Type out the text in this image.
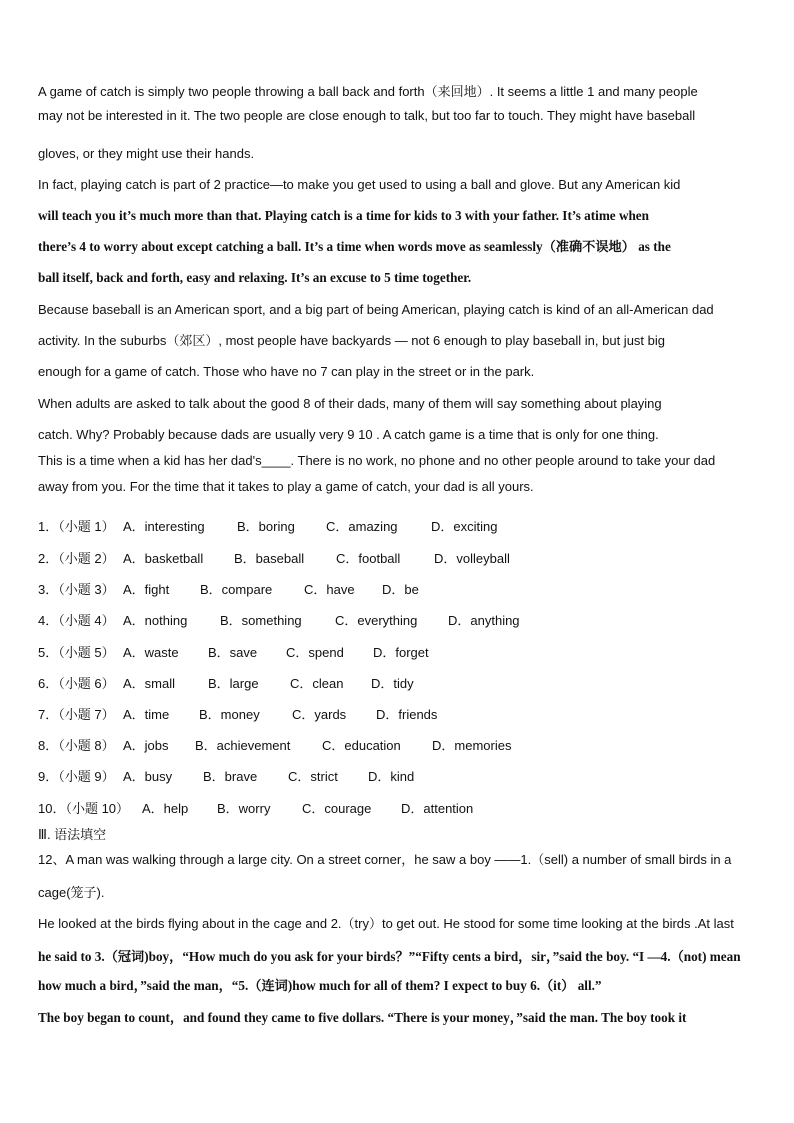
A game of catch is simply two people throwing a ball back and forth（来回地）. It seems a little 1 and many people
may not be interested in it. The two people are close enough to talk, but too far to touch. They might have baseball
gloves, or they might use their hands.
In fact, playing catch is part of 2 practice—to make you get used to using a ball and glove. But any American kid
will teach you it’s much more than that. Playing catch is a time for kids to 3 with your father. It’s atime when
there’s 4 to worry about except catching a ball. It’s a time when words move as seamlessly（准确不误地） as the
ball itself, back and forth, easy and relaxing. It’s an excuse to 5 time together.
Because baseball is an American sport, and a big part of being American, playing catch is kind of an all-American dad
activity. In the suburbs（郊区）, most people have backyards — not 6 enough to play baseball in, but just big
enough for a game of catch. Those who have no 7 can play in the street or in the park.
When adults are asked to talk about the good 8 of their dads, many of them will say something about playing
catch. Why? Probably because dads are usually very 9 10 . A catch game is a time that is only for one thing.
This is a time when a kid has her dad's____. There is no work, no phone and no other people around to take your dad
away from you. For the time that it takes to play a game of catch, your dad is all yours.
1．（小题 1） A．interesting B．boring C．amazing	D．exciting
2．（小题 2） A．basketball B．baseball C．football	D．volleyball
3．（小题 3） A．fight B．compare C．have D．be
4．（小题 4） A．nothing	B．something	C．everything D．anything
5．（小题 5） A．waste B．save C．spend D．forget
6．（小题 6） A．small	B．large C．clean D．tidy
7．（小题 7） A．time B．money C．yards D．friends
8．（小题 8） A．jobs B．achievement C．education D．memories
9．（小题 9） A．busy B．brave C．strict D．kind
10．（小题 10） A．help B．worry C．courage D．attention
Ⅲ. 语法填空
12、A man was walking through a large city. On a street corner，he saw a boy ——1.（sell) a number of small birds in a
cage(笼子).
He looked at the birds flying about in the cage and 2.（try）to get out. He stood for some time looking at the birds .At last
he said to 3.（冠词)boy，“How much do you ask for your birds？”“Fifty cents a bird，sir，”said the boy. “I —4.（not) mean
how much a bird，”said the man，“5.（连词)how much for all of them? I expect to buy 6.（it） all.”
The boy began to count，and found they came to five dollars. “There is your money，”said the man. The boy took it
